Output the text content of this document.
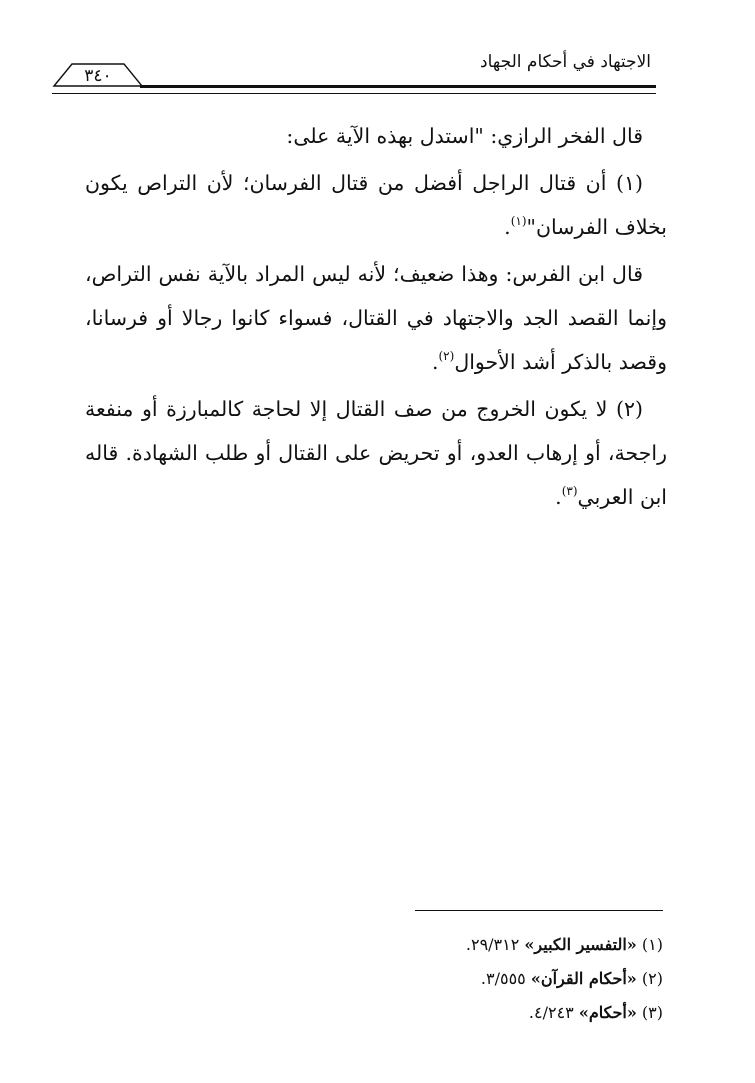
الاجتهاد في أحكام الجهاد
٣٤٠

قال الفخر الرازي: "استدل بهذه الآية على:

(١) أن قتال الراجل أفضل من قتال الفرسان؛ لأن التراص يكون بخلاف الفرسان"$^{(١)}$.

قال ابن الفرس: وهذا ضعيف؛ لأنه ليس المراد بالآية نفس التراص، وإنما القصد الجد والاجتهاد في القتال، فسواء كانوا رجالا أو فرسانا، وقصد بالذكر أشد الأحوال$^{(٢)}$.

(٢) لا يكون الخروج من صف القتال إلا لحاجة كالمبارزة أو منفعة راجحة، أو إرهاب العدو، أو تحريض على القتال أو طلب الشهادة. قاله ابن العربي$^{(٣)}$.

(١) «التفسير الكبير» ٢٩/٣١٢.
(٢) «أحكام القرآن» ٣/٥٥٥.
(٣) «أحكام» ٤/٢٤٣.
